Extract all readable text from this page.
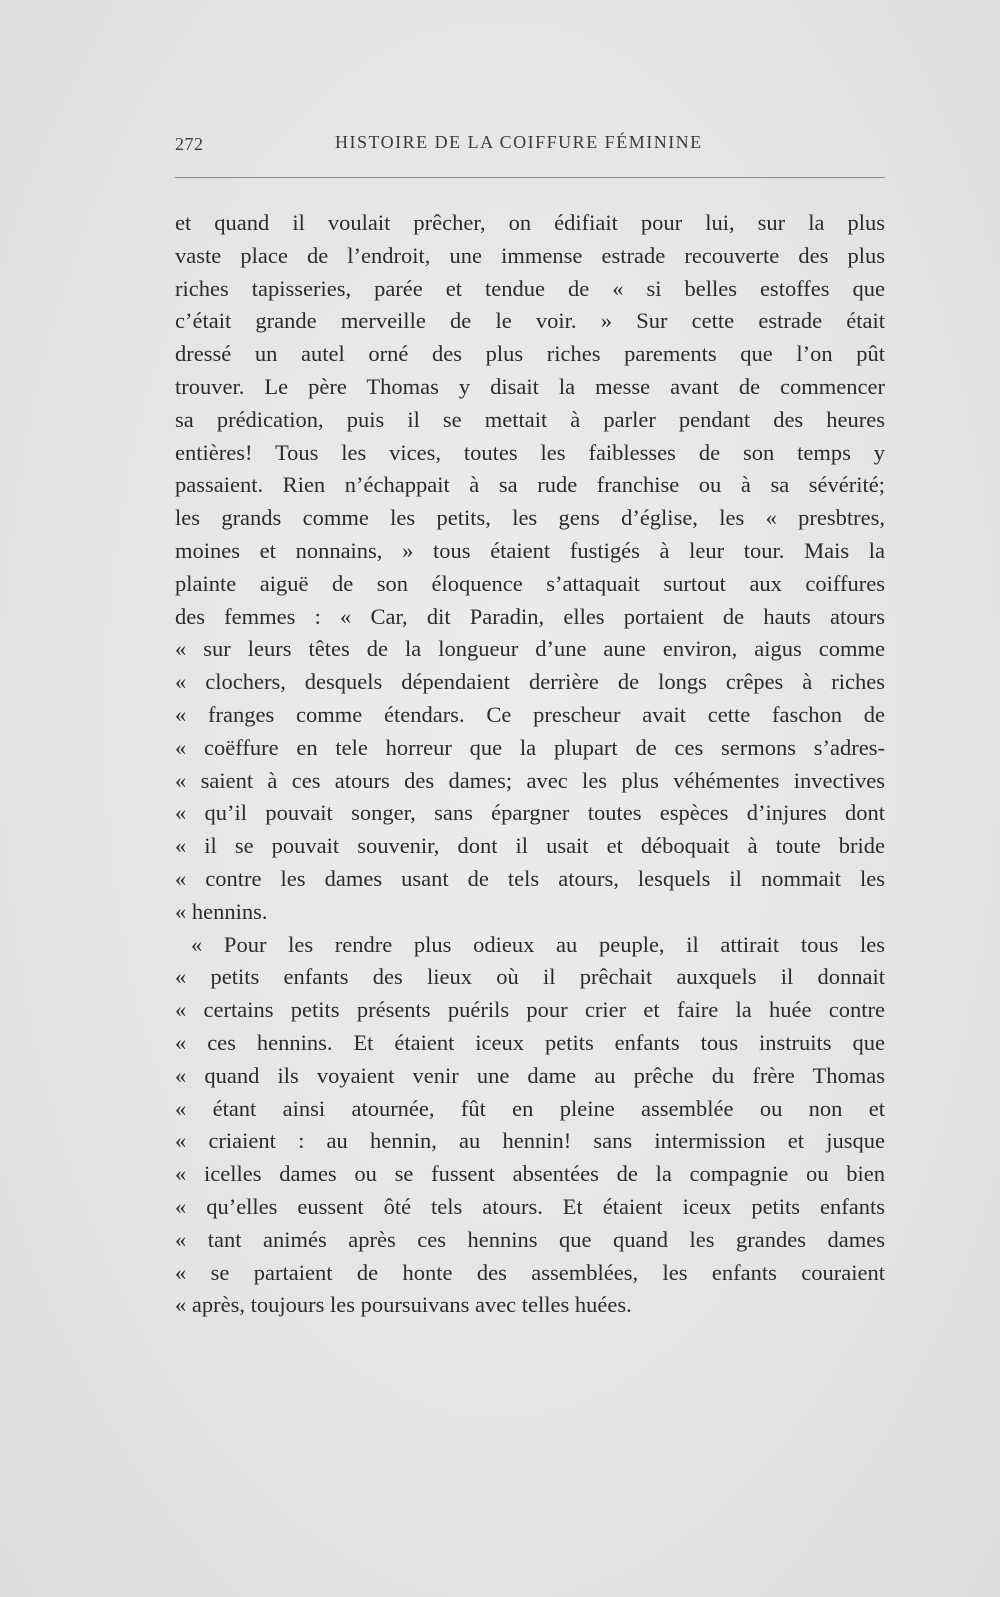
272	HISTOIRE DE LA COIFFURE FÉMININE
et quand il voulait prêcher, on édifiait pour lui, sur la plus
vaste place de l’endroit, une immense estrade recouverte des plus
riches tapisseries, parée et tendue de « si belles estoffes que
c’était grande merveille de le voir. » Sur cette estrade était
dressé un autel orné des plus riches parements que l’on pût
trouver. Le père Thomas y disait la messe avant de commencer
sa prédication, puis il se mettait à parler pendant des heures
entières! Tous les vices, toutes les faiblesses de son temps y
passaient. Rien n’échappait à sa rude franchise ou à sa sévérité;
les grands comme les petits, les gens d’église, les « presbtres,
moines et nonnains, » tous étaient fustigés à leur tour. Mais la
plainte aiguë de son éloquence s’attaquait surtout aux coiffures
des femmes : « Car, dit Paradin, elles portaient de hauts atours
« sur leurs têtes de la longueur d’une aune environ, aigus comme
« clochers, desquels dépendaient derrière de longs crêpes à riches
« franges comme étendars. Ce prescheur avait cette faschon de
« coëffure en tele horreur que la plupart de ces sermons s’adres-
« saient à ces atours des dames; avec les plus véhémentes invectives
« qu’il pouvait songer, sans épargner toutes espèces d’injures dont
« il se pouvait souvenir, dont il usait et déboquait à toute bride
« contre les dames usant de tels atours, lesquels il nommait les
« hennins.
« Pour les rendre plus odieux au peuple, il attirait tous les
« petits enfants des lieux où il prêchait auxquels il donnait
« certains petits présents puérils pour crier et faire la huée contre
« ces hennins. Et étaient iceux petits enfants tous instruits que
« quand ils voyaient venir une dame au prêche du frère Thomas
« étant ainsi atournée, fût en pleine assemblée ou non et
« criaient : au hennin, au hennin! sans intermission et jusque
« icelles dames ou se fussent absentées de la compagnie ou bien
« qu’elles eussent ôté tels atours. Et étaient iceux petits enfants
« tant animés après ces hennins que quand les grandes dames
« se partaient de honte des assemblées, les enfants couraient
« après, toujours les poursuivans avec telles huées.
